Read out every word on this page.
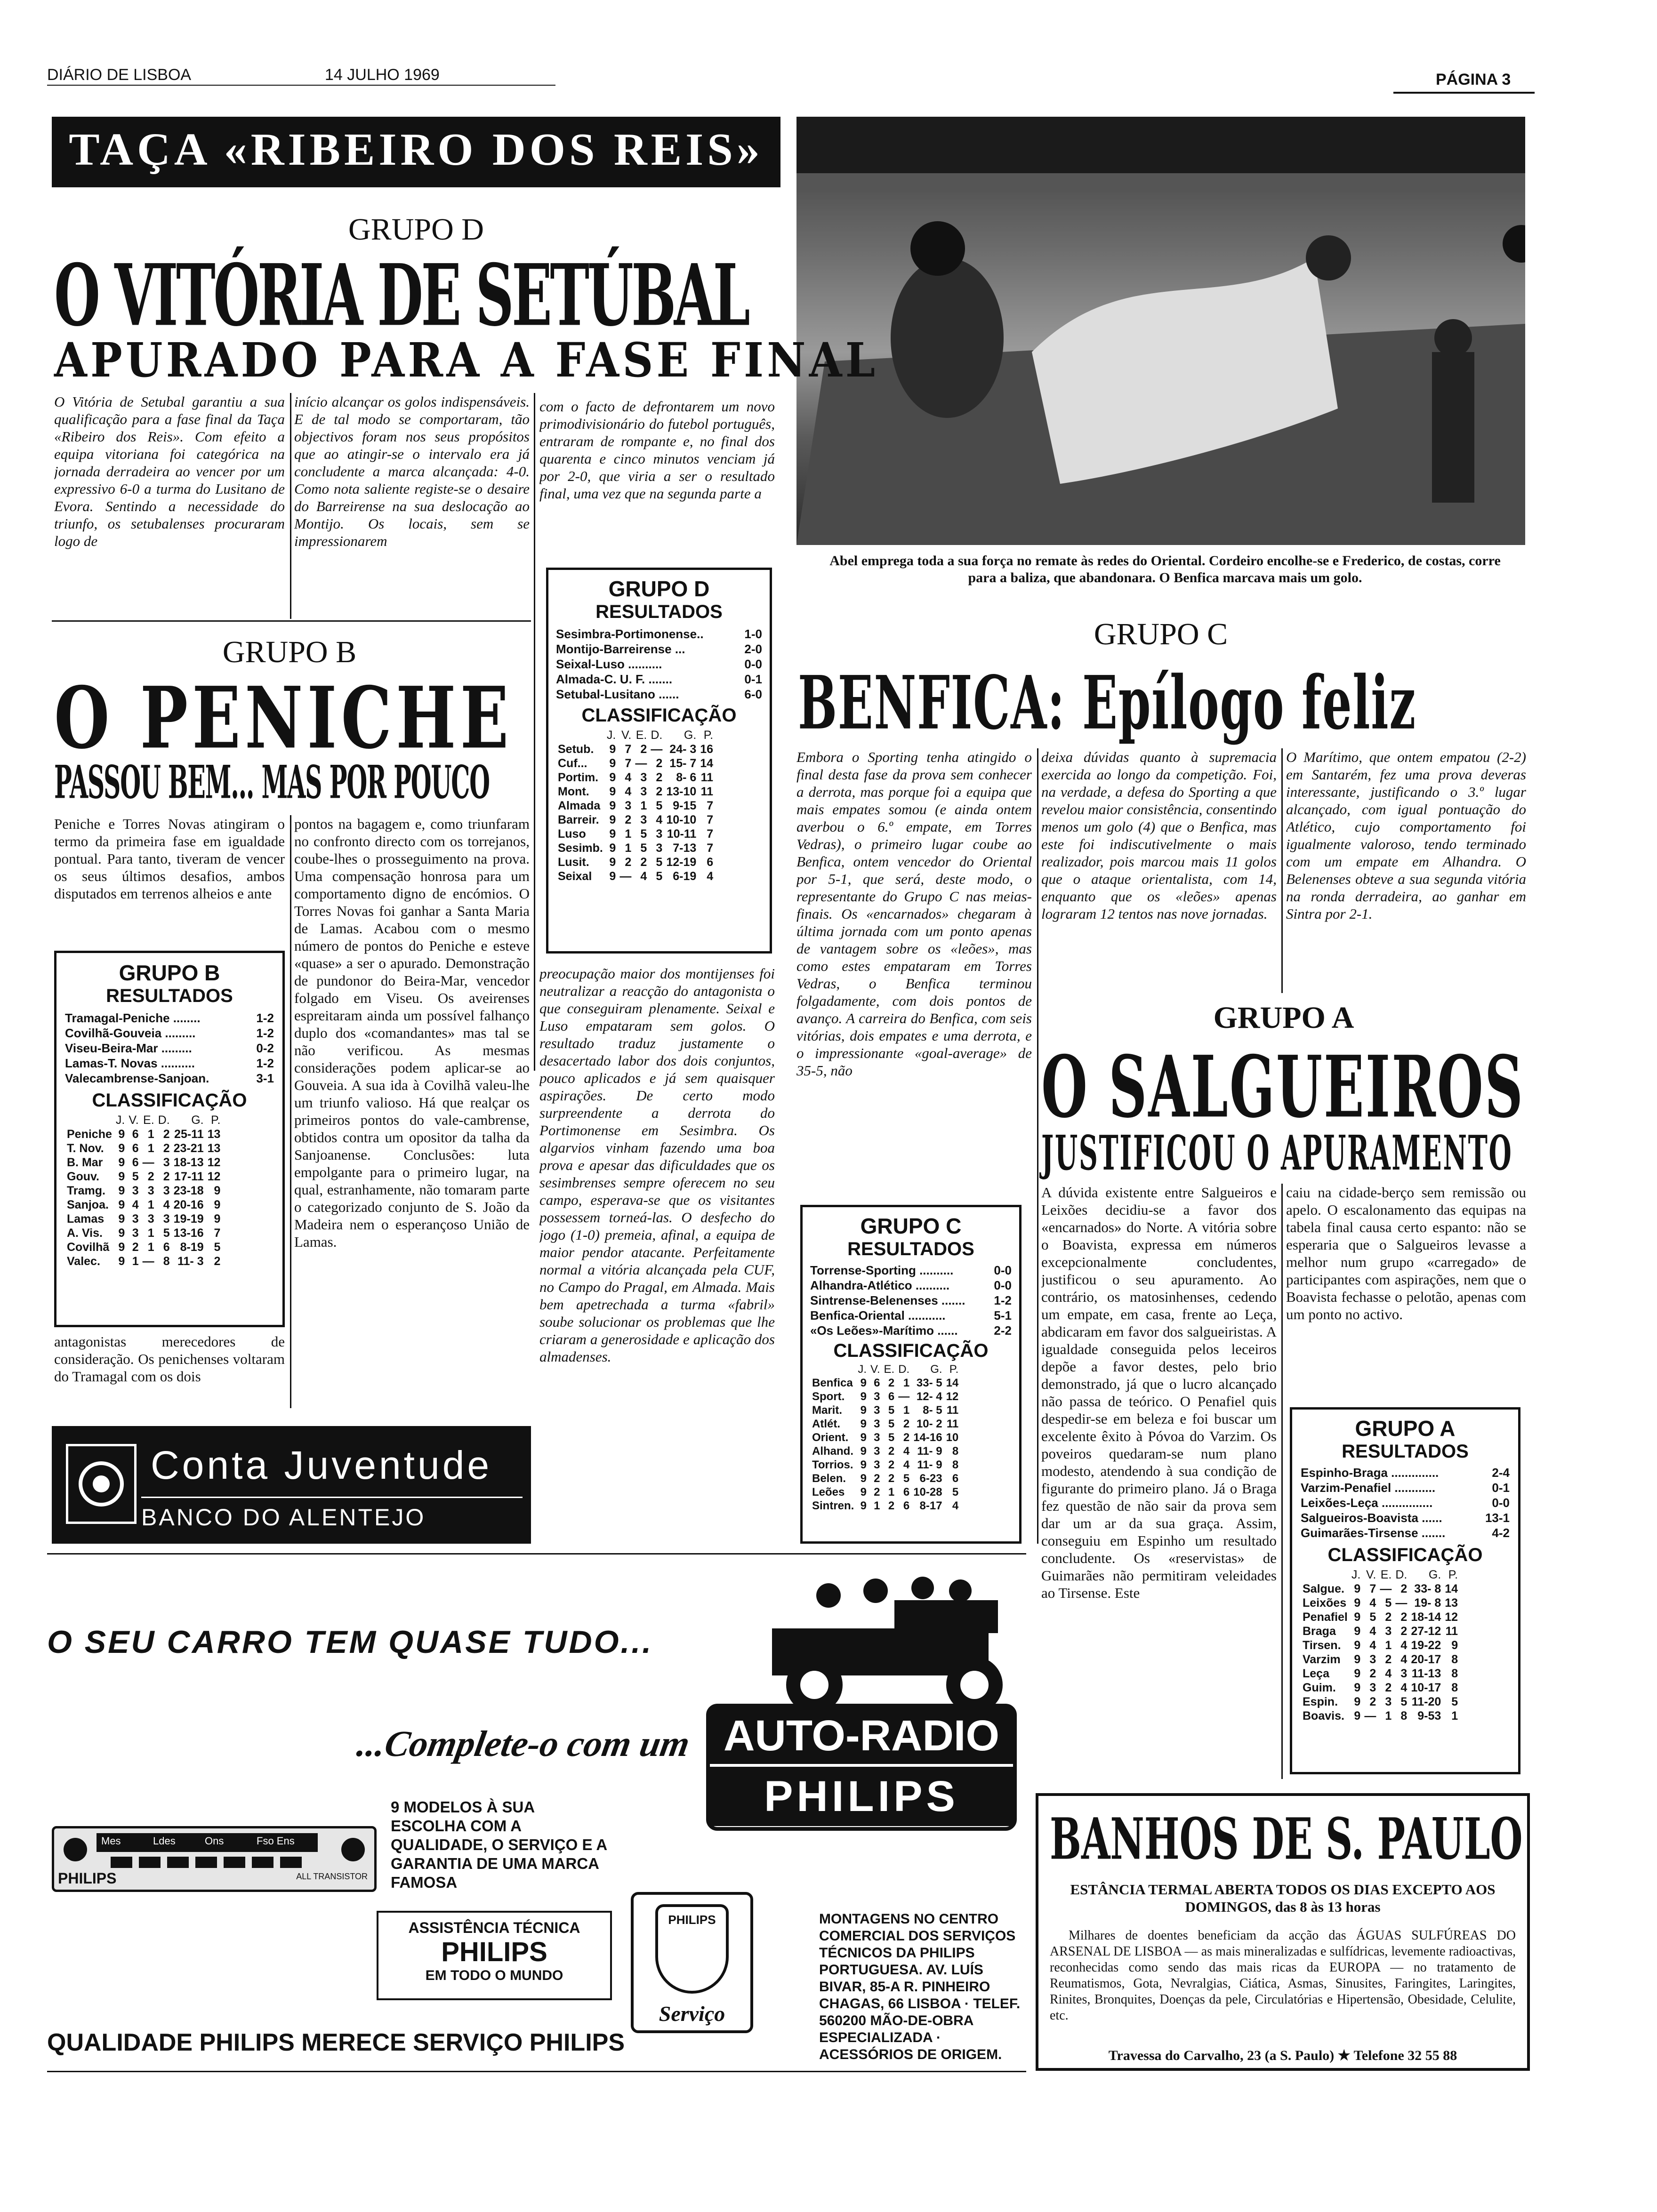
DIÁRIO DE LISBOA	14 JULHO 1969	PÁGINA 3
TAÇA «RIBEIRO DOS REIS»
Abel emprega toda a sua força no remate às redes do Oriental. Cordeiro encolhe-se e Frederico, de costas, corre para a baliza, que abandonara. O Benfica marcava mais um golo.
GRUPO D
O VITÓRIA DE SETÚBAL
APURADO PARA A FASE FINAL
O Vitória de Setubal garantiu a sua qualificação para a fase final da Taça «Ribeiro dos Reis». Com efeito a equipa vitoriana foi categórica na jornada derradeira ao vencer por um expressivo 6-0 a turma do Lusitano de Evora. Sentindo a necessidade do triunfo, os setubalenses procuraram logo de
início alcançar os golos indispensáveis. E de tal modo se comportaram, tão objectivos foram nos seus propósitos que ao atingir-se o intervalo era já concludente a marca alcançada: 4-0. Como nota saliente registe-se o desaire do Barreirense na sua deslocação ao Montijo. Os locais, sem se impressionarem
com o facto de defrontarem um novo primodivisionário do futebol português, entraram de rompante e, no final dos quarenta e cinco minutos venciam já por 2-0, que viria a ser o resultado final, uma vez que na segunda parte a
GRUPO D
RESULTADOS
Sesimbra-Portimonense..	1-0
Montijo-Barreirense ...	2-0
Seixal-Luso ..........	0-0
Almada-C. U. F. .......	0-1
Setubal-Lusitano ......	6-0
CLASSIFICAÇÃO
	J.	V.	E.	D.	G.	P.
Setub.	9	7	2	—	24- 3	16
Cuf...	9	7	—	2	15- 7	14
Portim.	9	4	3	2	8- 6	11
Mont.	9	4	3	2	13-10	11
Almada	9	3	1	5	9-15	7
Barreir.	9	2	3	4	10-10	7
Luso	9	1	5	3	10-11	7
Sesimb.	9	1	5	3	7-13	7
Lusit.	9	2	2	5	12-19	6
Seixal	9	—	4	5	6-19	4
preocupação maior dos montijenses foi neutralizar a reacção do antagonista o que conseguiram plenamente. Seixal e Luso empataram sem golos. O resultado traduz justamente o desacertado labor dos dois conjuntos, pouco aplicados e já sem quaisquer aspirações. De certo modo surpreendente a derrota do Portimonense em Sesimbra. Os algarvios vinham fazendo uma boa prova e apesar das dificuldades que os sesimbrenses sempre oferecem no seu campo, esperava-se que os visitantes possessem torneá-las. O desfecho do jogo (1-0) premeia, afinal, a equipa de maior pendor atacante. Perfeitamente normal a vitória alcançada pela CUF, no Campo do Pragal, em Almada. Mais bem apetrechada a turma «fabril» soube solucionar os problemas que lhe criaram a generosidade e aplicação dos almadenses.
GRUPO B
O PENICHE
PASSOU BEM... MAS POR POUCO
Peniche e Torres Novas atingiram o termo da primeira fase em igualdade pontual. Para tanto, tiveram de vencer os seus últimos desafios, ambos disputados em terrenos alheios e ante
GRUPO B
RESULTADOS
Tramagal-Peniche ........	1-2
Covilhã-Gouveia .........	1-2
Viseu-Beira-Mar .........	0-2
Lamas-T. Novas ..........	1-2
Valecambrense-Sanjoan.	3-1
CLASSIFICAÇÃO
	J.	V.	E.	D.	G.	P.
Peniche	9	6	1	2	25-11	13
T. Nov.	9	6	1	2	23-21	13
B. Mar	9	6	—	3	18-13	12
Gouv.	9	5	2	2	17-11	12
Tramg.	9	3	3	3	23-18	9
Sanjoa.	9	4	1	4	20-16	9
Lamas	9	3	3	3	19-19	9
A. Vis.	9	3	1	5	13-16	7
Covilhã	9	2	1	6	8-19	5
Valec.	9	1	—	8	11- 3	2
antagonistas merecedores de consideração. Os penichenses voltaram do Tramagal com os dois
pontos na bagagem e, como triunfaram no confronto directo com os torrejanos, coube-lhes o prosseguimento na prova. Uma compensação honrosa para um comportamento digno de encómios. O Torres Novas foi ganhar a Santa Maria de Lamas. Acabou com o mesmo número de pontos do Peniche e esteve «quase» a ser o apurado. Demonstração de pundonor do Beira-Mar, vencedor folgado em Viseu. Os aveirenses espreitaram ainda um possível falhanço duplo dos «comandantes» mas tal se não verificou. As mesmas considerações podem aplicar-se ao Gouveia. A sua ida à Covilhã valeu-lhe um triunfo valioso. Há que realçar os primeiros pontos do vale-cambrense, obtidos contra um opositor da talha da Sanjoanense. Conclusões: luta empolgante para o primeiro lugar, na qual, estranhamente, não tomaram parte o categorizado conjunto de S. João da Madeira nem o esperançoso União de Lamas.
Conta Juventude
BANCO DO ALENTEJO
GRUPO C
BENFICA: Epílogo feliz
Embora o Sporting tenha atingido o final desta fase da prova sem conhecer a derrota, mas porque foi a equipa que mais empates somou (e ainda ontem averbou o 6.º empate, em Torres Vedras), o primeiro lugar coube ao Benfica, ontem vencedor do Oriental por 5-1, que será, deste modo, o representante do Grupo C nas meias-finais. Os «encarnados» chegaram à última jornada com um ponto apenas de vantagem sobre os «leões», mas como estes empataram em Torres Vedras, o Benfica terminou folgadamente, com dois pontos de avanço. A carreira do Benfica, com seis vitórias, dois empates e uma derrota, e o impressionante «goal-average» de 35-5, não
deixa dúvidas quanto à supremacia exercida ao longo da competição. Foi, na verdade, a defesa do Sporting a que revelou maior consistência, consentindo menos um golo (4) que o Benfica, mas este foi indiscutivelmente o mais realizador, pois marcou mais 11 golos que o ataque orientalista, com 14, enquanto que os «leões» apenas lograram 12 tentos nas nove jornadas.
O Marítimo, que ontem empatou (2-2) em Santarém, fez uma prova deveras interessante, justificando o 3.º lugar alcançado, com igual pontuação do Atlético, cujo comportamento foi igualmente valoroso, tendo terminado com um empate em Alhandra. O Belenenses obteve a sua segunda vitória na ronda derradeira, ao ganhar em Sintra por 2-1.
GRUPO C
RESULTADOS
Torrense-Sporting ..........	0-0
Alhandra-Atlético ..........	0-0
Sintrense-Belenenses ....... 1-2
Benfica-Oriental ...........	5-1
«Os Leões»-Marítimo ......	2-2
CLASSIFICAÇÃO
	J.	V.	E.	D.	G.	P.
Benfica	9	6	2	1	33- 5	14
Sport.	9	3	6	—	12- 4	12
Marit.	9	3	5	1	8- 5	11
Atlét.	9	3	5	2	10- 2	11
Orient.	9	3	5	2	14-16	10
Alhand.	9	3	2	4	11- 9	8
Torrios.	9	3	2	4	11- 9	8
Belen.	9	2	2	5	6-23	6
Leões	9	2	1	6	10-28	5
Sintren.	9	1	2	6	8-17	4
GRUPO A
O SALGUEIROS
JUSTIFICOU O APURAMENTO
A dúvida existente entre Salgueiros e Leixões decidiu-se a favor dos «encarnados» do Norte. A vitória sobre o Boavista, expressa em números excepcionalmente concludentes, justificou o seu apuramento. Ao contrário, os matosinhenses, cedendo um empate, em casa, frente ao Leça, abdicaram em favor dos salgueiristas. A igualdade conseguida pelos leceiros depõe a favor destes, pelo brio demonstrado, já que o lucro alcançado não passa de teórico. O Penafiel quis despedir-se em beleza e foi buscar um excelente êxito à Póvoa do Varzim. Os poveiros quedaram-se num plano modesto, atendendo à sua condição de figurante do primeiro plano. Já o Braga fez questão de não sair da prova sem dar um ar da sua graça. Assim, conseguiu em Espinho um resultado concludente. Os «reservistas» de Guimarães não permitiram veleidades ao Tirsense. Este
caiu na cidade-berço sem remissão ou apelo. O escalonamento das equipas na tabela final causa certo espanto: não se esperaria que o Salgueiros levasse a melhor num grupo «carregado» de participantes com aspirações, nem que o Boavista fechasse o pelotão, apenas com um ponto no activo.
GRUPO A
RESULTADOS
Espinho-Braga ..............	2-4
Varzim-Penafiel ............	0-1
Leixões-Leça ...............	0-0
Salgueiros-Boavista ......	13-1
Guimarães-Tirsense .......	4-2
CLASSIFICAÇÃO
	J.	V.	E.	D.	G.	P.
Salgue.	9	7	—	2	33- 8	14
Leixões	9	4	5	—	19- 8	13
Penafiel	9	5	2	2	18-14	12
Braga	9	4	3	2	27-12	11
Tirsen.	9	4	1	4	19-22	9
Varzim	9	3	2	4	20-17	8
Leça	9	2	4	3	11-13	8
Guim.	9	3	2	4	10-17	8
Espin.	9	2	3	5	11-20	5
Boavis.	9	—	1	8	9-53	1
O SEU CARRO TEM QUASE TUDO...
...Complete-o com um AUTO-RADIO
PHILIPS
PHILIPS	ALL TRANSISTOR
Mes	Ldes	Ons	Fso Ens
9 MODELOS À SUA ESCOLHA COM A QUALIDADE, O SERVIÇO E A GARANTIA DE UMA MARCA FAMOSA
ASSISTÊNCIA TÉCNICA
PHILIPS
EM TODO O MUNDO
PHILIPS
Serviço
MONTAGENS NO CENTRO COMERCIAL DOS SERVIÇOS TÉCNICOS DA PHILIPS PORTUGUESA. AV. LUÍS BIVAR, 85-A R. PINHEIRO CHAGAS, 66 LISBOA · TELEF. 560200 MÃO-DE-OBRA ESPECIALIZADA · ACESSÓRIOS DE ORIGEM.
QUALIDADE PHILIPS MERECE SERVIÇO PHILIPS
BANHOS DE S. PAULO
ESTÂNCIA TERMAL ABERTA TODOS OS DIAS EXCEPTO AOS DOMINGOS, das 8 às 13 horas
Milhares de doentes beneficiam da acção das ÁGUAS SULFÚREAS DO ARSENAL DE LISBOA — as mais mineralizadas e sulfídricas, levemente radioactivas, reconhecidas como sendo das mais ricas da EUROPA — no tratamento de Reumatismos, Gota, Nevralgias, Ciática, Asmas, Sinusites, Faringites, Laringites, Rinites, Bronquites, Doenças da pele, Circulatórias e Hipertensão, Obesidade, Celulite, etc.
Travessa do Carvalho, 23 (a S. Paulo) ★ Telefone 32 55 88
